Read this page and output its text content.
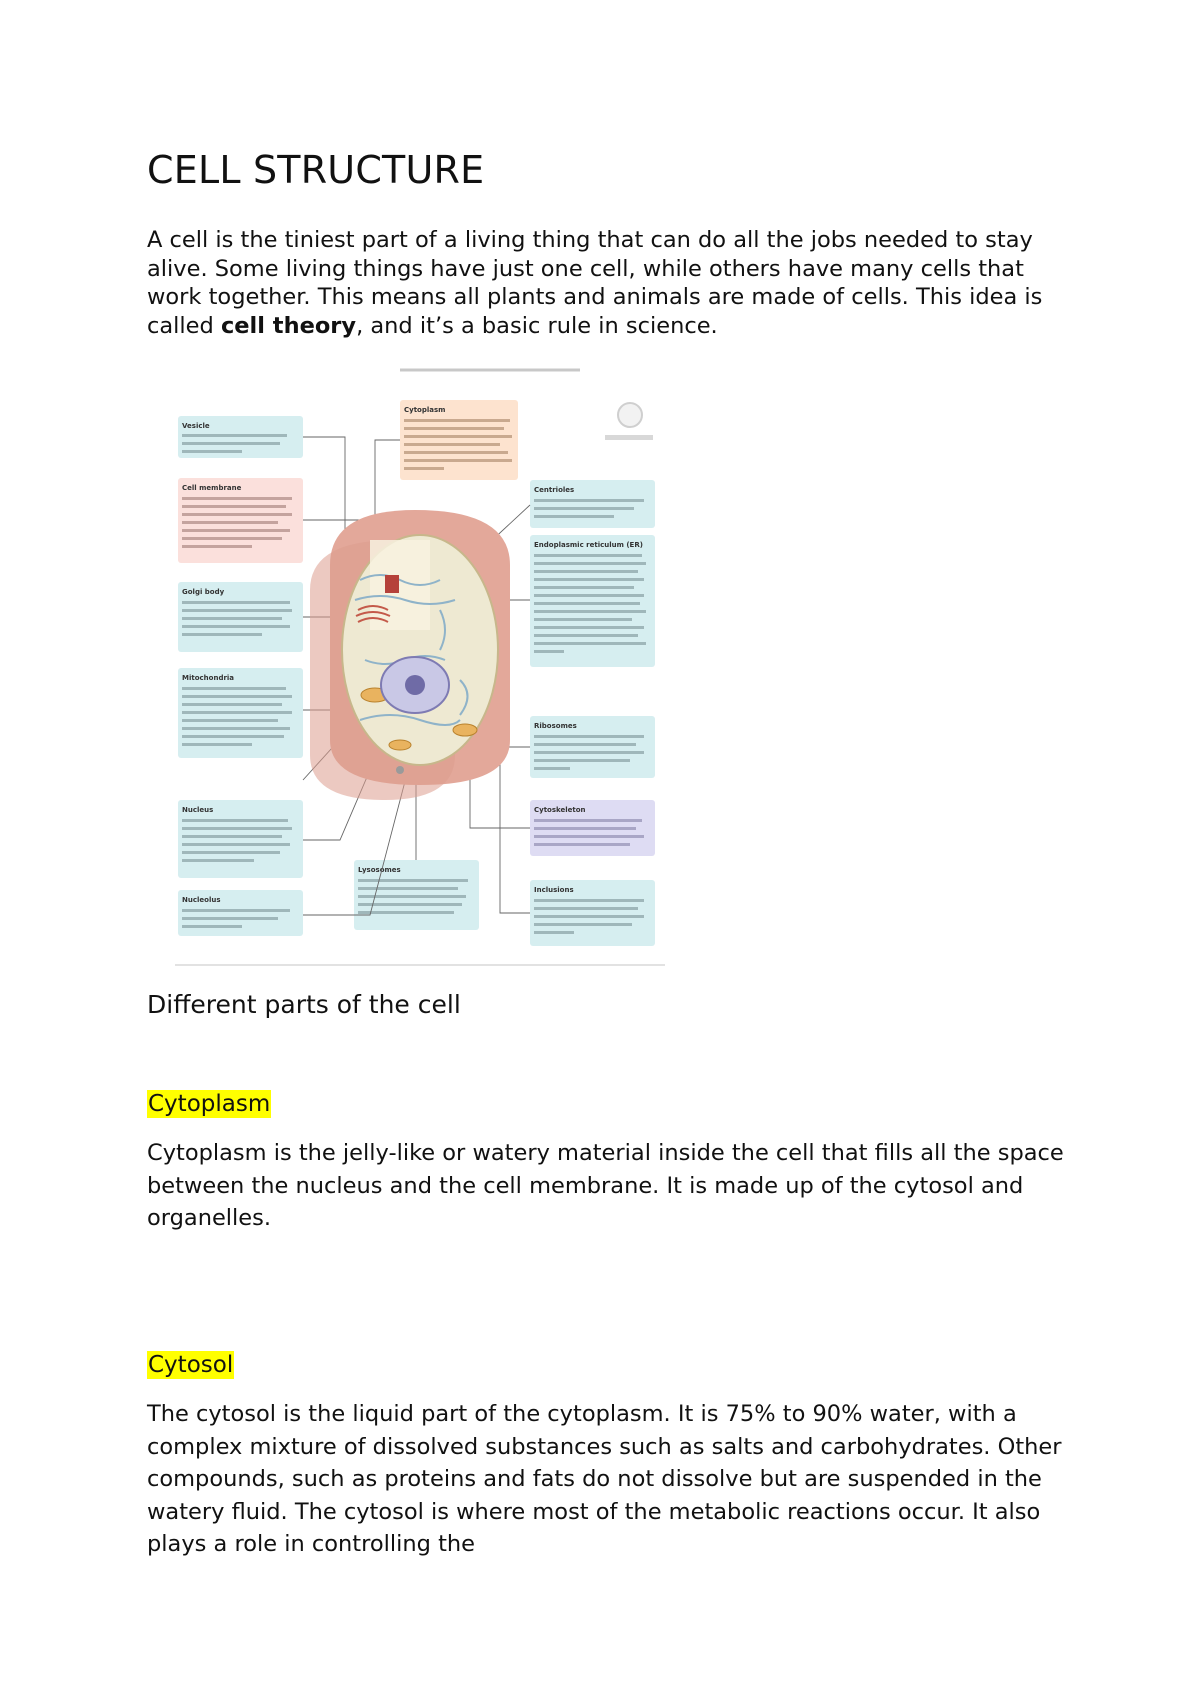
CELL STRUCTURE

A cell is the tiniest part of a living thing that can do all the jobs needed to stay alive. Some living things have just one cell, while others have many cells that work together. This means all plants and animals are made of cells. This idea is called cell theory, and it’s a basic rule in science.

Vesicle
Cell membrane
Golgi body
Mitochondria
Nucleus
Nucleolus
Cytoplasm
Centrioles
Endoplasmic reticulum (ER)
Ribosomes
Cytoskeleton
Lysosomes
Inclusions
Different parts of the cell
Cytoplasm

Cytoplasm is the jelly-like or watery material inside the cell that fills all the space between the nucleus and the cell membrane. It is made up of the cytosol and organelles.

Cytosol

The cytosol is the liquid part of the cytoplasm. It is 75% to 90% water, with a complex mixture of dissolved substances such as salts and carbohydrates. Other compounds, such as proteins and fats do not dissolve but are suspended in the watery fluid. The cytosol is where most of the metabolic reactions occur. It also plays a role in controlling the
